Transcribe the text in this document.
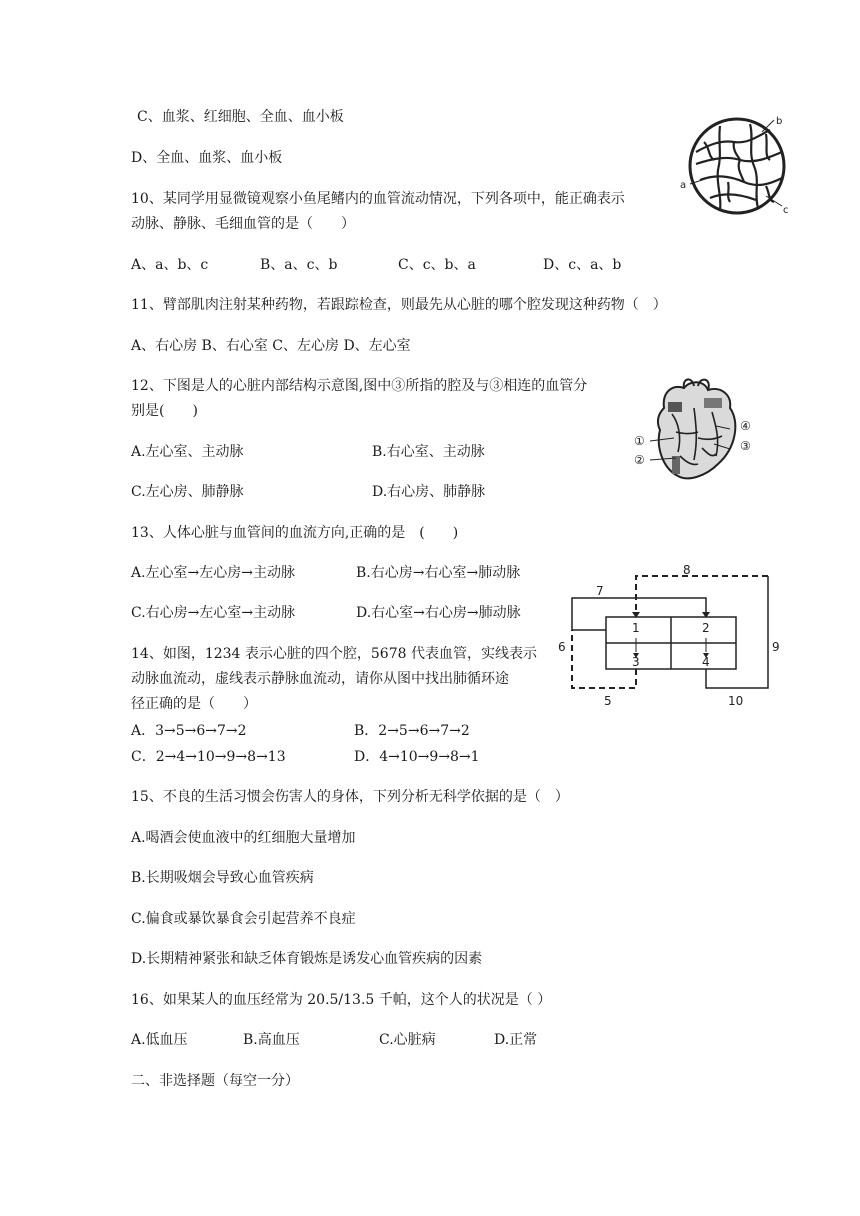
C、血浆、红细胞、全血、血小板
D、全血、血浆、血小板
10、某同学用显微镜观察小鱼尾鳍内的血管流动情况，下列各项中，能正确表示
动脉、静脉、毛细血管的是（　　）
A、a、b、c	B、a、c、b	C、c、b、a	D、c、a、b
b
a
c
11、臂部肌肉注射某种药物，若跟踪检查，则最先从心脏的哪个腔发现这种药物（　）
A、右心房 B、右心室 C、左心房 D、左心室
12、下图是人的心脏内部结构示意图,图中③所指的腔及与③相连的血管分
别是(　　)
A.左心室、主动脉	B.右心室、主动脉
C.左心房、肺静脉	D.右心房、肺静脉
①
②
③
④
13、人体心脏与血管间的血流方向,正确的是　(　　)
A.左心室→左心房→主动脉	B.右心房→右心室→肺动脉
C.右心房→左心室→主动脉	D.右心室→右心房→肺动脉
14、如图，1234 表示心脏的四个腔，5678 代表血管，实线表示
动脉血流动，虚线表示静脉血流动，请你从图中找出肺循环途
径正确的是（　　）
A．3→5→6→7→2	B．2→5→6→7→2
C．2→4→10→9→8→13	D．4→10→9→8→1
1	2
3	4
5
6
7
8
9
10
15、不良的生活习惯会伤害人的身体，下列分析无科学依据的是（　）
A.喝酒会使血液中的红细胞大量增加
B.长期吸烟会导致心血管疾病
C.偏食或暴饮暴食会引起营养不良症
D.长期精神紧张和缺乏体育锻炼是诱发心血管疾病的因素
16、如果某人的血压经常为 20.5/13.5 千帕，这个人的状况是（ ）
A.低血压	B.高血压	C.心脏病	D.正常
二、非选择题（每空一分）
